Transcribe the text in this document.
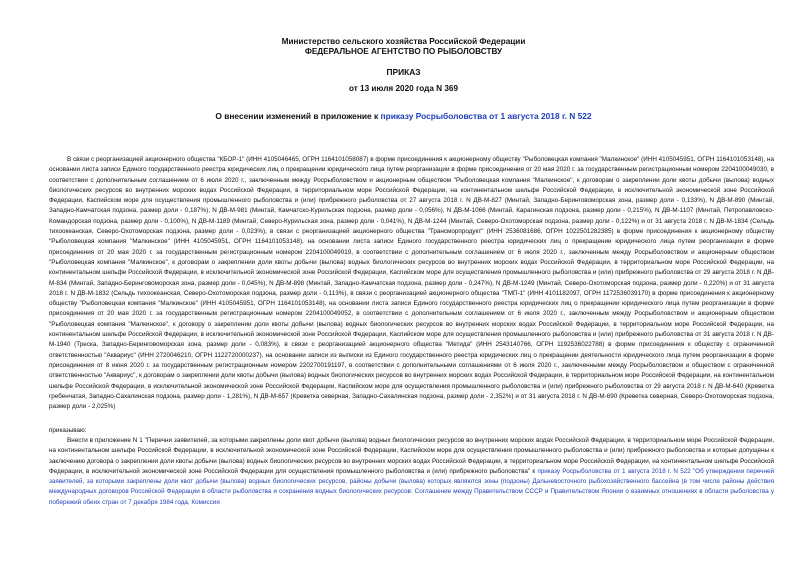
Министерство сельского хозяйства Российской Федерации
ФЕДЕРАЛЬНОЕ АГЕНТСТВО ПО РЫБОЛОВСТВУ
ПРИКАЗ
от 13 июля 2020 года N 369
О внесении изменений в приложение к приказу Росрыболовства от 1 августа 2018 г. N 522

В связи с реорганизацией акционерного общества "КБОР-1" (ИНН 4105046465, ОГРН 1164101058087) в форме присоединения к акционерному обществу "Рыболовецкая компания "Малкинское" (ИНН 4105045951, ОГРН 1164101053148), на основании листа записи Единого государственного реестра юридических лиц о прекращении юридического лица путем реорганизации в форме присоединения от 20 мая 2020 г. за государственным регистрационным номером 2204100049030, в соответствии с дополнительным соглашением от 6 июля 2020 г., заключенным между Росрыболовством и акционерным обществом "Рыболовецкая компания "Малкинское", к договорам о закреплении доли квоты добычи (вылова) водных биологических ресурсов во внутренних морских водах Российской Федерации, в территориальном море Российской Федерации, на континентальном шельфе Российской Федерации, в исключительной экономической зоне Российской Федерации, Каспийском море для осуществления промышленного рыболовства и (или) прибрежного рыболовства от 27 августа 2018 г. N ДВ-М-827 (Минтай, Западно-Беринговоморская зона, размер доли - 0,133%), N ДВ-М-890 (Минтай, Западно-Камчатская подзона, размер доли - 0,187%), N ДВ-М-981 (Минтай, Камчатско-Курильская подзона, размер доли - 0,056%), N ДВ-М-1066 (Минтай, Карагинская подзона, размер доли - 0,215%), N ДВ-М-1107 (Минтай, Петропавловско-Командорская подзона, размер доли - 0,100%), N ДВ-М-1189 (Минтай, Северо-Курильская зона, размер доли - 0,041%), N ДВ-М-1244 (Минтай, Северо-Охотоморская подзона, размер доли - 0,122%) и от 31 августа 2018 г. N ДВ-М-1834 (Сельдь тихоокеанская, Северо-Охотоморская подзона, размер доли - 0,023%), в связи с реорганизацией акционерного общества "Трансморпродукт" (ИНН 2536081686, ОГРН 1022501282385) в форме присоединения к акционерному обществу "Рыболовецкая компания "Малкинское" (ИНН 4105045951, ОГРН 1164101053148), на основании листа записи Единого государственного реестра юридических лиц о прекращении юридического лица путем реорганизации в форме присоединения от 20 мая 2020 г. за государственным регистрационным номером 2204100049019, в соответствии с дополнительным соглашением от 6 июля 2020 г., заключенным между Росрыболовством и акционерным обществом "Рыболовецкая компания "Малкинское", к договорам о закреплении доли квоты добычи (вылова) водных биологических ресурсов во внутренних морских водах Российской Федерации, в территориальном море Российской Федерации, на континентальном шельфе Российской Федерации, в исключительной экономической зоне Российской Федерации, Каспийском море для осуществления промышленного рыболовства и (или) прибрежного рыболовства от 29 августа 2018 г. N ДВ-М-834 (Минтай, Западно-Беринговоморская зона, размер доли - 0,045%), N ДВ-М-898 (Минтай, Западно-Камчатская подзона, размер доли - 0,247%), N ДВ-М-1249 (Минтай, Северо-Охотоморская подзона, размер доли - 0,220%) и от 31 августа 2018 г. N ДВ-М-1832 (Сельдь тихоокеанская, Северо-Охотоморская подзона, размер доли - 0,113%), в связи с реорганизацией акционерного общества "ТМП-1" (ИНН 4101182097, ОГРН 1172536039170) в форме присоединения к акционерному обществу "Рыболовецкая компания "Малкинское" (ИНН 4105045951, ОГРН 1164101053148), на основании листа записи Единого государственного реестра юридических лиц о прекращении юридического лица путем реорганизации в форме присоединения от 20 мая 2020 г. за государственным регистрационным номером 2204100049052, в соответствии с дополнительным соглашением от 6 июля 2020 г., заключенным между Росрыболовством и акционерным обществом "Рыболовецкая компания "Малкинское", к договору о закреплении доли квоты добычи (вылова) водных биологических ресурсов во внутренних морских водах Российской Федерации, в территориальном море Российской Федерации, на континентальном шельфе Российской Федерации, в исключительной экономической зоне Российской Федерации, Каспийском море для осуществления промышленного рыболовства и (или) прибрежного рыболовства от 31 августа 2018 г. N ДВ-М-1940 (Треска, Западно-Беринговоморская зона, размер доли - 0,083%), в связи с реорганизацией акционерного общества "Метида" (ИНН 2543140766, ОГРН 1192536022788) в форме присоединения к обществу с ограниченной ответственностью "Аквариус" (ИНН 2720046210, ОГРН 1122720000237), на основании записи из выписки из Единого государственного реестра юридических лиц о прекращении деятельности юридического лица путем реорганизации в форме присоединения от 8 июня 2020 г. за государственным регистрационным номером 2202700191197, в соответствии с дополнительными соглашениями от 6 июля 2020 г., заключенными между Росрыболовством и обществом с ограниченной ответственностью "Аквариус", к договорам о закреплении доли квоты добычи (вылова) водных биологических ресурсов во внутренних морских водах Российской Федерации, в территориальном море Российской Федерации, на континентальном шельфе Российской Федерации, в исключительной экономической зоне Российской Федерации, Каспийском море для осуществления промышленного рыболовства и (или) прибрежного рыболовства от 29 августа 2018 г. N ДВ-М-640 (Креветка гребенчатая, Западно-Сахалинская подзона, размер доли - 1,281%), N ДВ-М-657 (Креветка северная, Западно-Сахалинская подзона, размер доли - 2,352%) и от 31 августа 2018 г. N ДВ-М-690 (Креветка северная, Северо-Охотоморская подзона, размер доли - 2,025%)

приказываю:

Внести в приложение N 1 "Перечни заявителей, за которыми закреплены доли квот добычи (вылова) водных биологических ресурсов во внутренних морских водах Российской Федерации, в территориальном море Российской Федерации, на континентальном шельфе Российской Федерации, в исключительной экономической зоне Российской Федерации, Каспийском море для осуществления промышленного рыболовства и (или) прибрежного рыболовства и которые допущены к заключению договора о закреплении доли квоты добычи (вылова) водных биологических ресурсов во внутренних морских водах Российской Федерации, в территориальном море Российской Федерации, на континентальном шельфе Российской Федерации, в исключительной экономической зоне Российской Федерации для осуществления промышленного рыболовства и (или) прибрежного рыболовства" к приказу Росрыболовства от 1 августа 2018 г. N 522 "Об утверждении перечней заявителей, за которыми закреплены доли квот добычи (вылова) водных биологических ресурсов, районы добычи (вылова) которых являются зоны (подзоны) Дальневосточного рыбохозяйственного бассейна (в том числе районы действия международных договоров Российской Федерации в области рыболовства и сохранения водных биологических ресурсов: Соглашение между Правительством СССР и Правительством Японии о взаимных отношениях в области рыболовства у побережий обеих стран от 7 декабря 1984 года, Комиссия
